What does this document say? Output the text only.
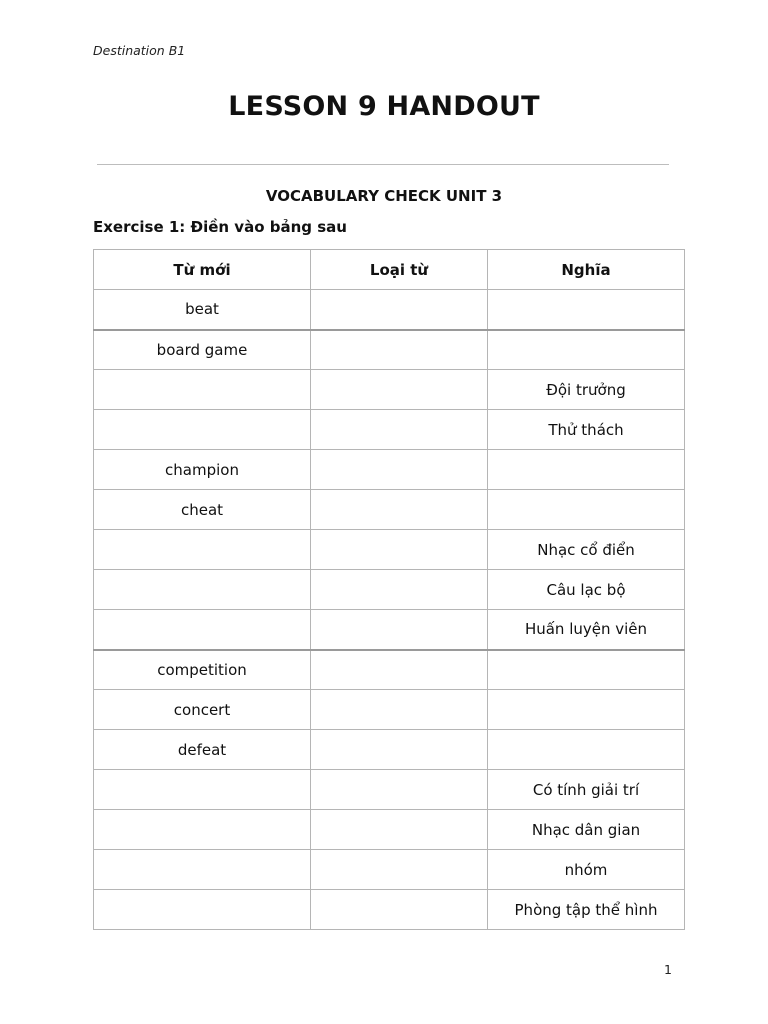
Destination B1
LESSON 9 HANDOUT
VOCABULARY CHECK UNIT 3
Exercise 1: Điền vào bảng sau
Từ mới	Loại từ	Nghĩa
beat		
board game		
		Đội trưởng
		Thử thách
champion		
cheat		
		Nhạc cổ điển
		Câu lạc bộ
		Huấn luyện viên
competition		
concert		
defeat		
		Có tính giải trí
		Nhạc dân gian
		nhóm
		Phòng tập thể hình
1
